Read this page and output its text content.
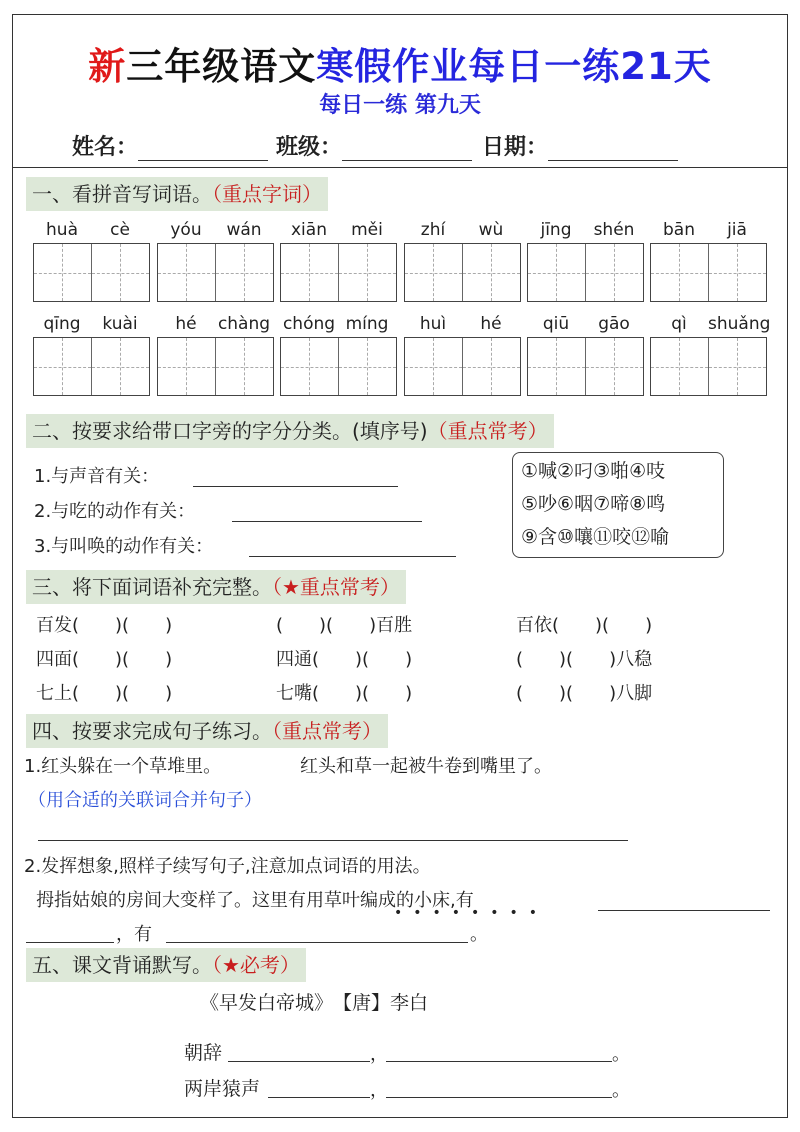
新三年级语文寒假作业每日一练21天
每日一练 第九天
姓名：	班级：	日期：
一、看拼音写词语。（重点字词）
huà	cè	yóu	wán	xiān	měi	zhí	wù	jīng	shén	bān	jiā
qīng	kuài	hé	chàng chóng míng	huì	hé	qiū	gāo	qì	shuǎng
二、按要求给带口字旁的字分分类。(填序号)（重点常考）
1.与声音有关：
2.与吃的动作有关：
3.与叫唤的动作有关：
①喊②叼③啪④吱
⑤吵⑥咽⑦啼⑧鸣
⑨含⑩嚷⑪咬⑫喻
三、将下面词语补充完整。（★重点常考）
百发(　　)(　　)	(　　)(　　)百胜	百依(　　)(　　)
四面(　　)(　　)	四通(　　)(　　)	(　　)(　　)八稳
七上(　　)(　　)	七嘴(　　)(　　)	(　　)(　　)八脚
四、按要求完成句子练习。（重点常考）
1.红头躲在一个草堆里。	红头和草一起被牛卷到嘴里了。
（用合适的关联词合并句子）
2.发挥想象,照样子续写句子,注意加点词语的用法。
拇指姑娘的房间大变样了。这里有用草叶编成的小床,有
••••••••
，有	。
五、课文背诵默写。（★必考）
《早发白帝城》　【唐】李白
朝辞	，	。
两岸猿声	，	。
